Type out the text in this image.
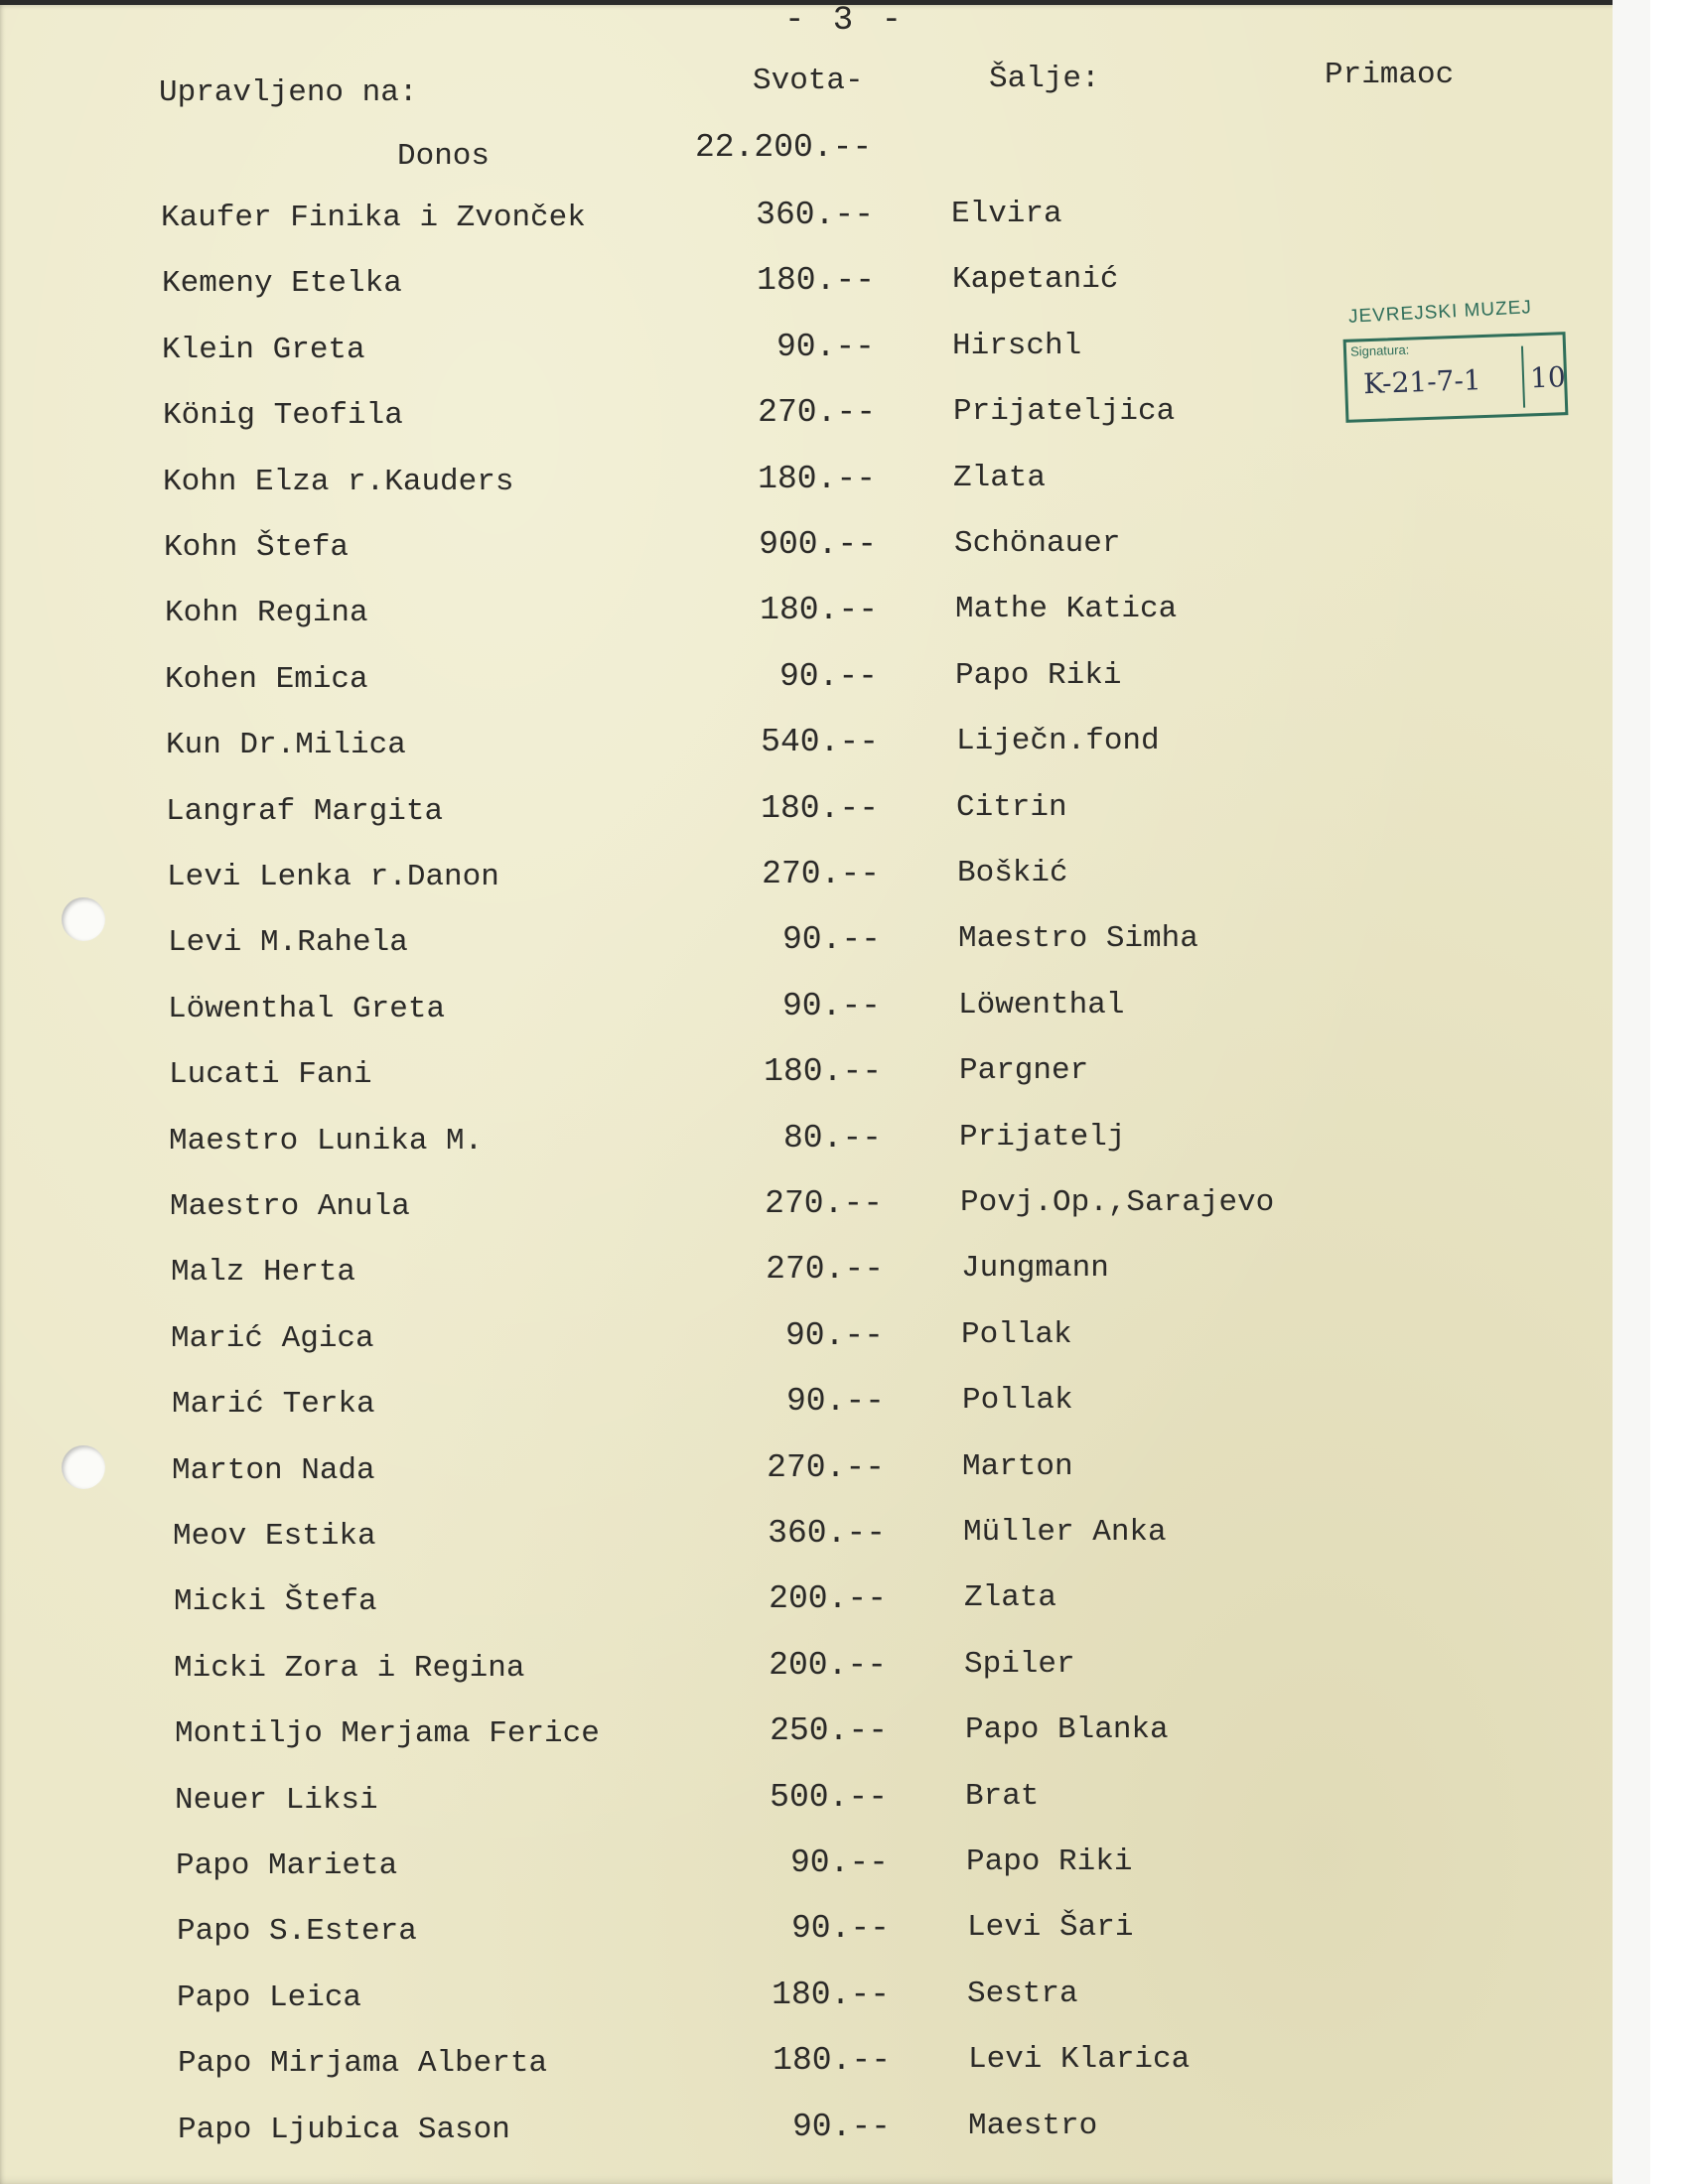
- 3 -
Upravljeno na:	Svota-	Šalje:	Primaoc
Donos	22.200.--
Kaufer Finika i Zvonček	360.--	Elvira
Kemeny Etelka	180.--	Kapetanić
Klein Greta	90.--	Hirschl
König Teofila	270.--	Prijateljica
Kohn Elza r.Kauders	180.--	Zlata
Kohn Štefa	900.--	Schönauer
Kohn Regina	180.--	Mathe Katica
Kohen Emica	90.--	Papo Riki
Kun Dr.Milica	540.--	Liječn.fond
Langraf Margita	180.--	Citrin
Levi Lenka r.Danon	270.--	Boškić
Levi M.Rahela	90.--	Maestro Simha
Löwenthal Greta	90.--	Löwenthal
Lucati Fani	180.--	Pargner
Maestro Lunika M.	80.--	Prijatelj
Maestro Anula	270.--	Povj.Op.,Sarajevo
Malz Herta	270.--	Jungmann
Marić Agica	90.--	Pollak
Marić Terka	90.--	Pollak
Marton Nada	270.--	Marton
Meov Estika	360.--	Müller Anka
Micki Štefa	200.--	Zlata
Micki Zora i Regina	200.--	Spiler
Montiljo Merjama Ferice	250.--	Papo Blanka
Neuer Liksi	500.--	Brat
Papo Marieta	90.--	Papo Riki
Papo S.Estera	90.--	Levi Šari
Papo Leica	180.--	Sestra
Papo Mirjama Alberta	180.--	Levi Klarica
Papo Ljubica Sason	90.--	Maestro
JEVREJSKI MUZEJ
Signatura:
K-21-7-1 10
